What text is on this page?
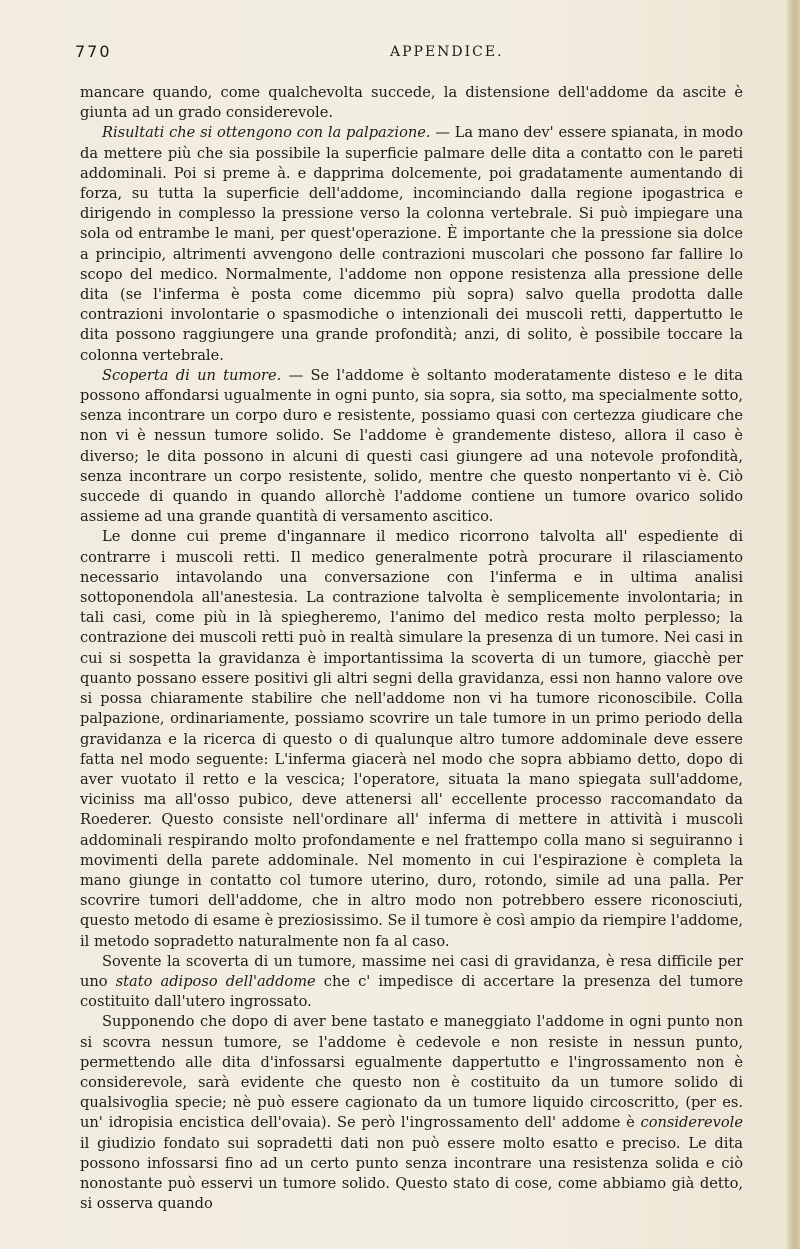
770	APPENDICE.

mancare quando, come qualchevolta succede, la distensione dell'addome da ascite è giunta ad un grado considerevole.

Risultati che si ottengono con la palpazione. — La mano dev' essere spianata, in modo da mettere più che sia possibile la superficie palmare delle dita a contatto con le pareti addominali. Poi si preme à. e dapprima dolcemente, poi gradatamente aumentando di forza, su tutta la superficie dell'addome, incominciando dalla regione ipogastrica e dirigendo in complesso la pressione verso la colonna vertebrale. Si può impiegare una sola od entrambe le mani, per quest'operazione. È importante che la pressione sia dolce a principio, altrimenti avvengono delle contrazioni muscolari che possono far fallire lo scopo del medico. Normalmente, l'addome non oppone resistenza alla pressione delle dita (se l'inferma è posta come dicemmo più sopra) salvo quella prodotta dalle contrazioni involontarie o spasmodiche o intenzionali dei muscoli retti, dappertutto le dita possono raggiungere una grande profondità; anzi, di solito, è possibile toccare la colonna vertebrale.

Scoperta di un tumore. — Se l'addome è soltanto moderatamente disteso e le dita possono affondarsi ugualmente in ogni punto, sia sopra, sia sotto, ma specialmente sotto, senza incontrare un corpo duro e resistente, possiamo quasi con certezza giudicare che non vi è nessun tumore solido. Se l'addome è grandemente disteso, allora il caso è diverso; le dita possono in alcuni di questi casi giungere ad una notevole profondità, senza incontrare un corpo resistente, solido, mentre che questo nonpertanto vi è. Ciò succede di quando in quando allorchè l'addome contiene un tumore ovarico solido assieme ad una grande quantità di versamento ascitico.

Le donne cui preme d'ingannare il medico ricorrono talvolta all' espediente di contrarre i muscoli retti. Il medico generalmente potrà procurare il rilasciamento necessario intavolando una conversazione con l'inferma e in ultima analisi sottoponendola all'anestesia. La contrazione talvolta è semplicemente involontaria; in tali casi, come più in là spiegheremo, l'animo del medico resta molto perplesso; la contrazione dei muscoli retti può in realtà simulare la presenza di un tumore. Nei casi in cui si sospetta la gravidanza è importantissima la scoverta di un tumore, giacchè per quanto possano essere positivi gli altri segni della gravidanza, essi non hanno valore ove si possa chiaramente stabilire che nell'addome non vi ha tumore riconoscibile. Colla palpazione, ordinariamente, possiamo scovrire un tale tumore in un primo periodo della gravidanza e la ricerca di questo o di qualunque altro tumore addominale deve essere fatta nel modo seguente: L'inferma giacerà nel modo che sopra abbiamo detto, dopo di aver vuotato il retto e la vescica; l'operatore, situata la mano spiegata sull'addome, viciniss ma all'osso pubico, deve attenersi all' eccellente processo raccomandato da Roederer. Questo consiste nell'ordinare all' inferma di mettere in attività i muscoli addominali respirando molto profondamente e nel frattempo colla mano si seguiranno i movimenti della parete addominale. Nel momento in cui l'espirazione è completa la mano giunge in contatto col tumore uterino, duro, rotondo, simile ad una palla. Per scovrire tumori dell'addome, che in altro modo non potrebbero essere riconosciuti, questo metodo di esame è preziosissimo. Se il tumore è così ampio da riempire l'addome, il metodo sopradetto naturalmente non fa al caso.

Sovente la scoverta di un tumore, massime nei casi di gravidanza, è resa difficile per uno stato adiposo dell'addome che c' impedisce di accertare la presenza del tumore costituito dall'utero ingrossato.

Supponendo che dopo di aver bene tastato e maneggiato l'addome in ogni punto non si scovra nessun tumore, se l'addome è cedevole e non resiste in nessun punto, permettendo alle dita d'infossarsi egualmente dappertutto e l'ingrossamento non è considerevole, sarà evidente che questo non è costituito da un tumore solido di qualsivoglia specie; nè può essere cagionato da un tumore liquido circoscritto, (per es. un' idropisia encistica dell'ovaia). Se però l'ingrossamento dell' addome è considerevole il giudizio fondato sui sopradetti dati non può essere molto esatto e preciso. Le dita possono infossarsi fino ad un certo punto senza incontrare una resistenza solida e ciò nonostante può esservi un tumore solido. Questo stato di cose, come abbiamo già detto, si osserva quando
